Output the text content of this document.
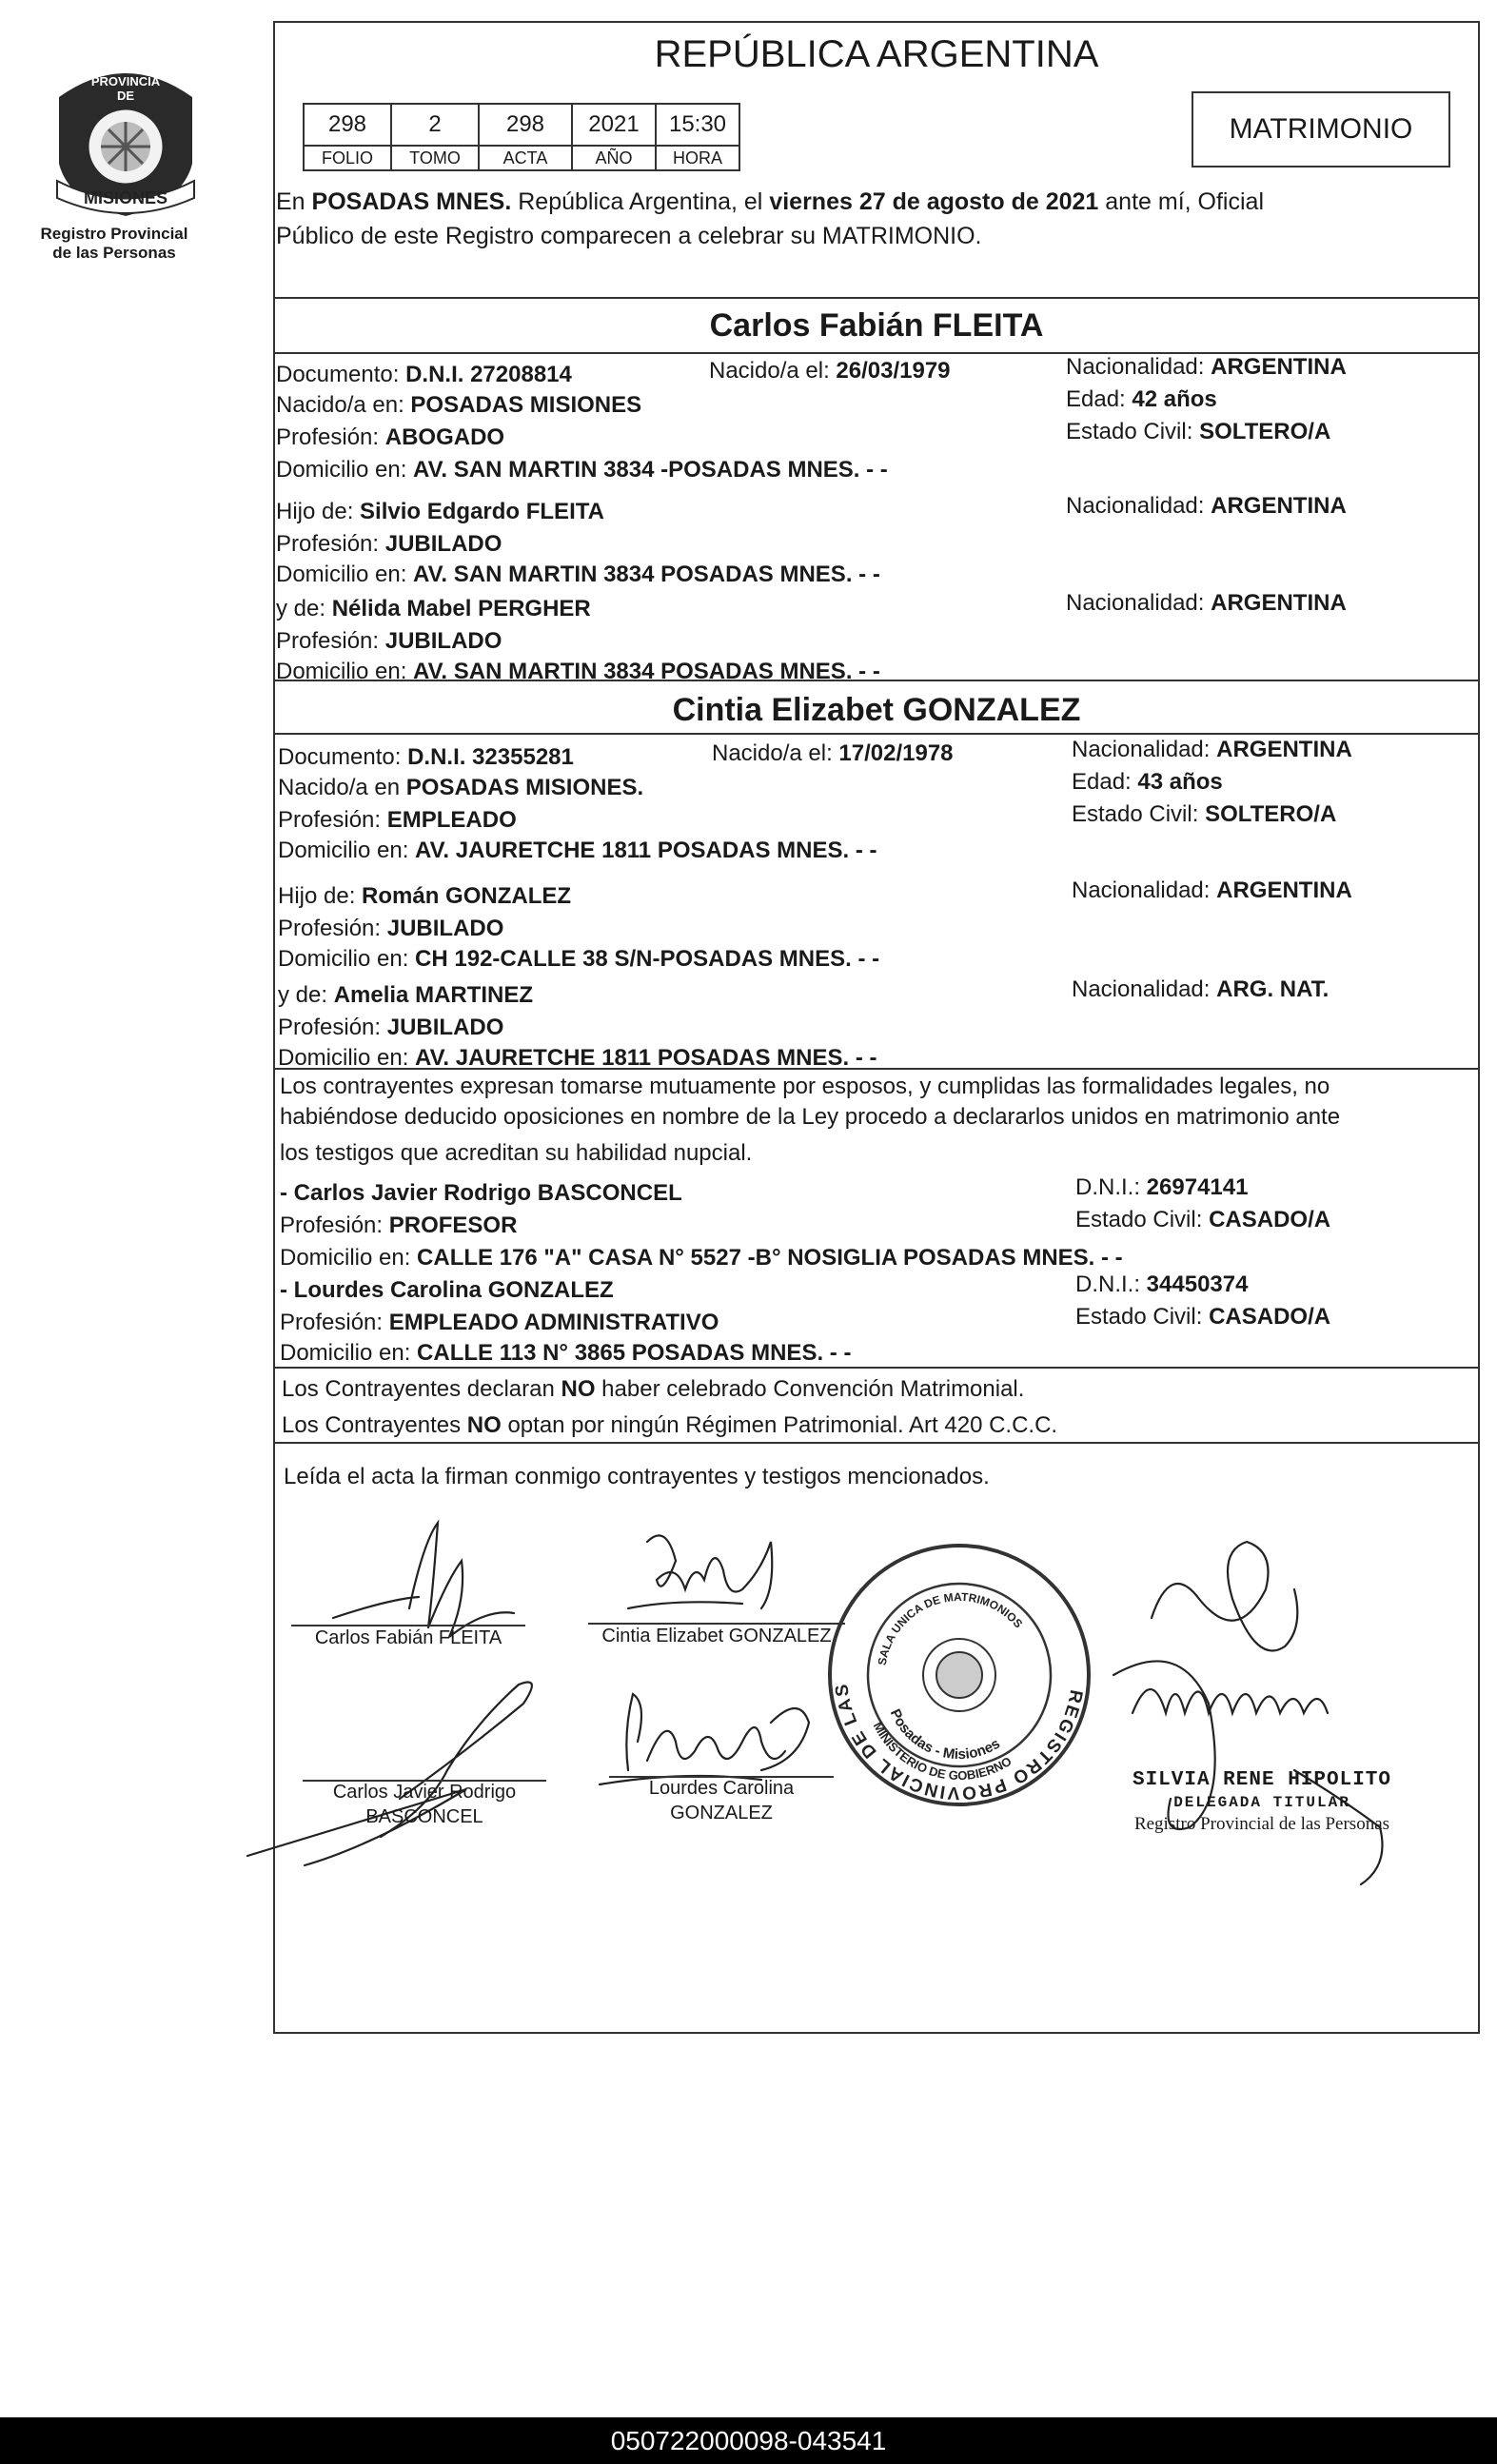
PROVINCIA DE
MISIONES
Registro Provincial
de las Personas
REPÚBLICA ARGENTINA
298	2	298	2021	15:30
FOLIO	TOMO	ACTA	AÑO	HORA
MATRIMONIO
En POSADAS MNES. República Argentina, el viernes 27 de agosto de 2021 ante mí, Oficial
Público de este Registro comparecen a celebrar su MATRIMONIO.
Carlos Fabián FLEITA
Documento: D.N.I. 27208814	Nacido/a el: 26/03/1979	Nacionalidad: ARGENTINA
Nacido/a en: POSADAS MISIONES	Edad: 42 años
Profesión: ABOGADO	Estado Civil: SOLTERO/A
Domicilio en: AV. SAN MARTIN 3834 -POSADAS MNES. - -
Hijo de: Silvio Edgardo FLEITA	Nacionalidad: ARGENTINA
Profesión: JUBILADO
Domicilio en: AV. SAN MARTIN 3834 POSADAS MNES. - -
y de: Nélida Mabel PERGHER	Nacionalidad: ARGENTINA
Profesión: JUBILADO
Domicilio en: AV. SAN MARTIN 3834 POSADAS MNES. - -
Cintia Elizabet GONZALEZ
Documento: D.N.I. 32355281	Nacido/a el: 17/02/1978	Nacionalidad: ARGENTINA
Nacido/a en POSADAS MISIONES.	Edad: 43 años
Profesión: EMPLEADO	Estado Civil: SOLTERO/A
Domicilio en: AV. JAURETCHE 1811 POSADAS MNES. - -
Hijo de: Román GONZALEZ	Nacionalidad: ARGENTINA
Profesión: JUBILADO
Domicilio en: CH 192-CALLE 38 S/N-POSADAS MNES. - -
y de: Amelia MARTINEZ	Nacionalidad: ARG. NAT.
Profesión: JUBILADO
Domicilio en: AV. JAURETCHE 1811 POSADAS MNES. - -
Los contrayentes expresan tomarse mutuamente por esposos, y cumplidas las formalidades legales, no
habiéndose deducido oposiciones en nombre de la Ley procedo a declararlos unidos en matrimonio ante
los testigos que acreditan su habilidad nupcial.
- Carlos Javier Rodrigo BASCONCEL	D.N.I.: 26974141
Profesión: PROFESOR	Estado Civil: CASADO/A
Domicilio en: CALLE 176 "A" CASA N° 5527 -B° NOSIGLIA POSADAS MNES. - -
- Lourdes Carolina GONZALEZ	D.N.I.: 34450374
Profesión: EMPLEADO ADMINISTRATIVO	Estado Civil: CASADO/A
Domicilio en: CALLE 113 N° 3865 POSADAS MNES. - -
Los Contrayentes declaran NO haber celebrado Convención Matrimonial.
Los Contrayentes NO optan por ningún Régimen Patrimonial. Art 420 C.C.C.
Leída el acta la firman conmigo contrayentes y testigos mencionados.
Carlos Fabián FLEITA	Cintia Elizabet GONZALEZ
Carlos Javier Rodrigo
BASCONCEL
Lourdes Carolina
GONZALEZ
REGISTRO PROVINCIAL DE LAS
SALA UNICA DE MATRIMONIOS
Posadas - Misiones
MINISTERIO DE GOBIERNO
SILVIA RENE HIPOLITO
DELEGADA TITULAR
Registro Provincial de las Personas
050722000098-043541
